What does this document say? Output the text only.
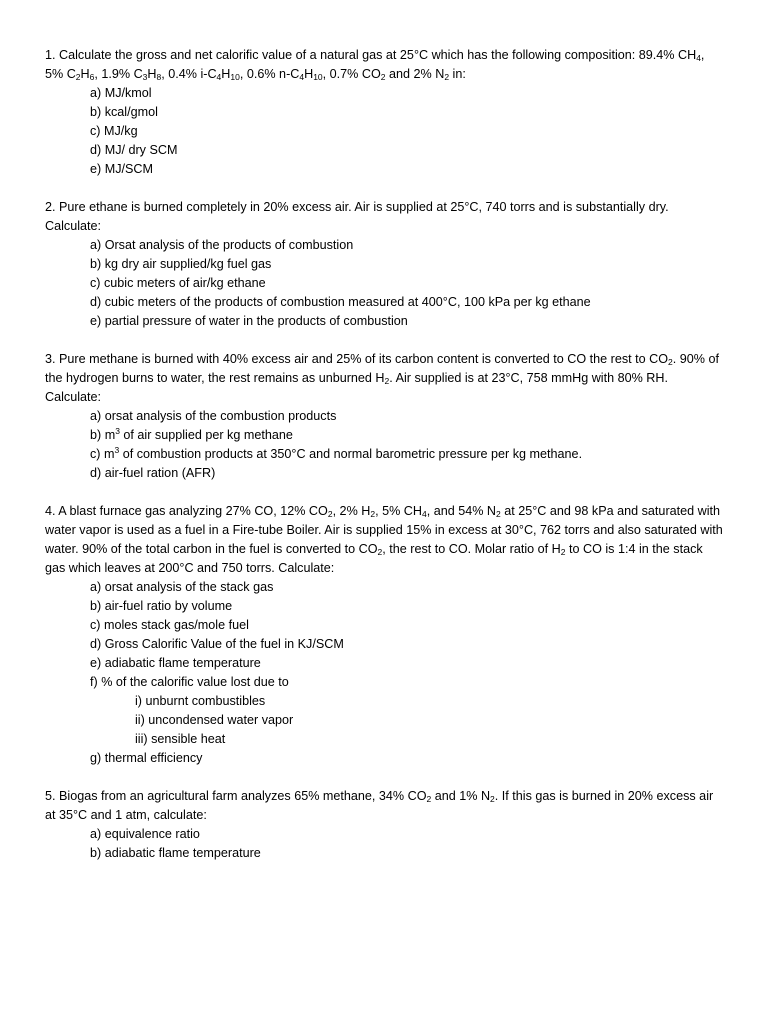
1. Calculate the gross and net calorific value of a natural gas at 25°C which has the following composition: 89.4% $CH_4$, 5% $C_2H_6$, 1.9% $C_3H_8$, 0.4% $i-C_4H_{10}$, 0.6% $n-C_4H_{10}$, 0.7% $CO_2$ and 2% $N_2$ in:

a) MJ/kmol
b) kcal/gmol
c) MJ/kg
d) MJ/ dry SCM
e) MJ/SCM

2. Pure ethane is burned completely in 20% excess air. Air is supplied at 25°C, 740 torrs and is substantially dry. Calculate:

a) Orsat analysis of the products of combustion
b) kg dry air supplied/kg fuel gas
c) cubic meters of air/kg ethane
d) cubic meters of the products of combustion measured at 400°C, 100 kPa per kg ethane
e) partial pressure of water in the products of combustion

3. Pure methane is burned with 40% excess air and 25% of its carbon content is converted to CO the rest to $CO_2$. 90% of the hydrogen burns to water, the rest remains as unburned $H_2$. Air supplied is at 23°C, 758 mmHg with 80% RH. Calculate:

a) orsat analysis of the combustion products
b) $m^3$ of air supplied per kg methane
c) $m^3$ of combustion products at 350°C and normal barometric pressure per kg methane.
d) air-fuel ration (AFR)

4. A blast furnace gas analyzing 27% CO, 12% $CO_2$, 2% $H_2$, 5% $CH_4$, and 54% $N_2$ at 25°C and 98 kPa and saturated with water vapor is used as a fuel in a Fire-tube Boiler. Air is supplied 15% in excess at 30°C, 762 torrs and also saturated with water. 90% of the total carbon in the fuel is converted to $CO_2$, the rest to CO. Molar ratio of $H_2$ to CO is 1:4 in the stack gas which leaves at 200°C and 750 torrs. Calculate:

a) orsat analysis of the stack gas
b) air-fuel ratio by volume
c) moles stack gas/mole fuel
d) Gross Calorific Value of the fuel in KJ/SCM
e) adiabatic flame temperature
f) % of the calorific value lost due to
i) unburnt combustibles
ii) uncondensed water vapor
iii) sensible heat
g) thermal efficiency

5. Biogas from an agricultural farm analyzes 65% methane, 34% $CO_2$ and 1% $N_2$. If this gas is burned in 20% excess air at 35°C and 1 atm, calculate:

a) equivalence ratio
b) adiabatic flame temperature
